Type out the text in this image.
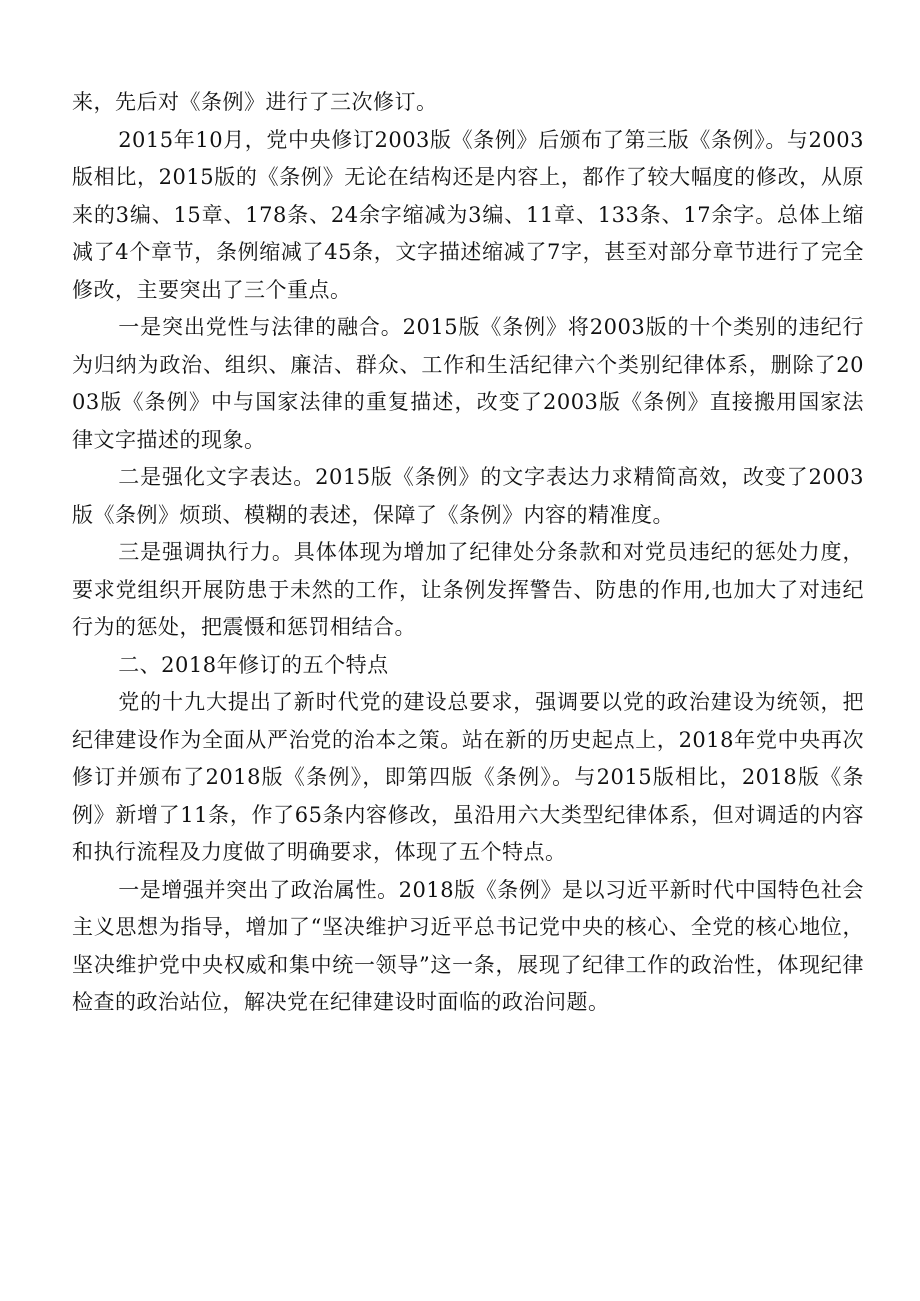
来，先后对《条例》进行了三次修订。

2015年10月，党中央修订2003版《条例》后颁布了第三版《条例》。与2003版相比，2015版的《条例》无论在结构还是内容上，都作了较大幅度的修改，从原来的3编、15章、178条、24余字缩减为3编、11章、133条、17余字。总体上缩减了4个章节，条例缩减了45条，文字描述缩减了7字，甚至对部分章节进行了完全修改，主要突出了三个重点。

一是突出党性与法律的融合。2015版《条例》将2003版的十个类别的违纪行为归纳为政治、组织、廉洁、群众、工作和生活纪律六个类别纪律体系，删除了2003版《条例》中与国家法律的重复描述，改变了2003版《条例》直接搬用国家法律文字描述的现象。

二是强化文字表达。2015版《条例》的文字表达力求精简高效，改变了2003版《条例》烦琐、模糊的表述，保障了《条例》内容的精准度。

三是强调执行力。具体体现为增加了纪律处分条款和对党员违纪的惩处力度，要求党组织开展防患于未然的工作，让条例发挥警告、防患的作用,也加大了对违纪行为的惩处，把震慑和惩罚相结合。

二、2018年修订的五个特点

党的十九大提出了新时代党的建设总要求，强调要以党的政治建设为统领，把纪律建设作为全面从严治党的治本之策。站在新的历史起点上，2018年党中央再次修订并颁布了2018版《条例》，即第四版《条例》。与2015版相比，2018版《条例》新增了11条，作了65条内容修改，虽沿用六大类型纪律体系，但对调适的内容和执行流程及力度做了明确要求，体现了五个特点。

一是增强并突出了政治属性。2018版《条例》是以习近平新时代中国特色社会主义思想为指导，增加了“坚决维护习近平总书记党中央的核心、全党的核心地位，坚决维护党中央权威和集中统一领导”这一条，展现了纪律工作的政治性，体现纪律检查的政治站位，解决党在纪律建设时面临的政治问题。
